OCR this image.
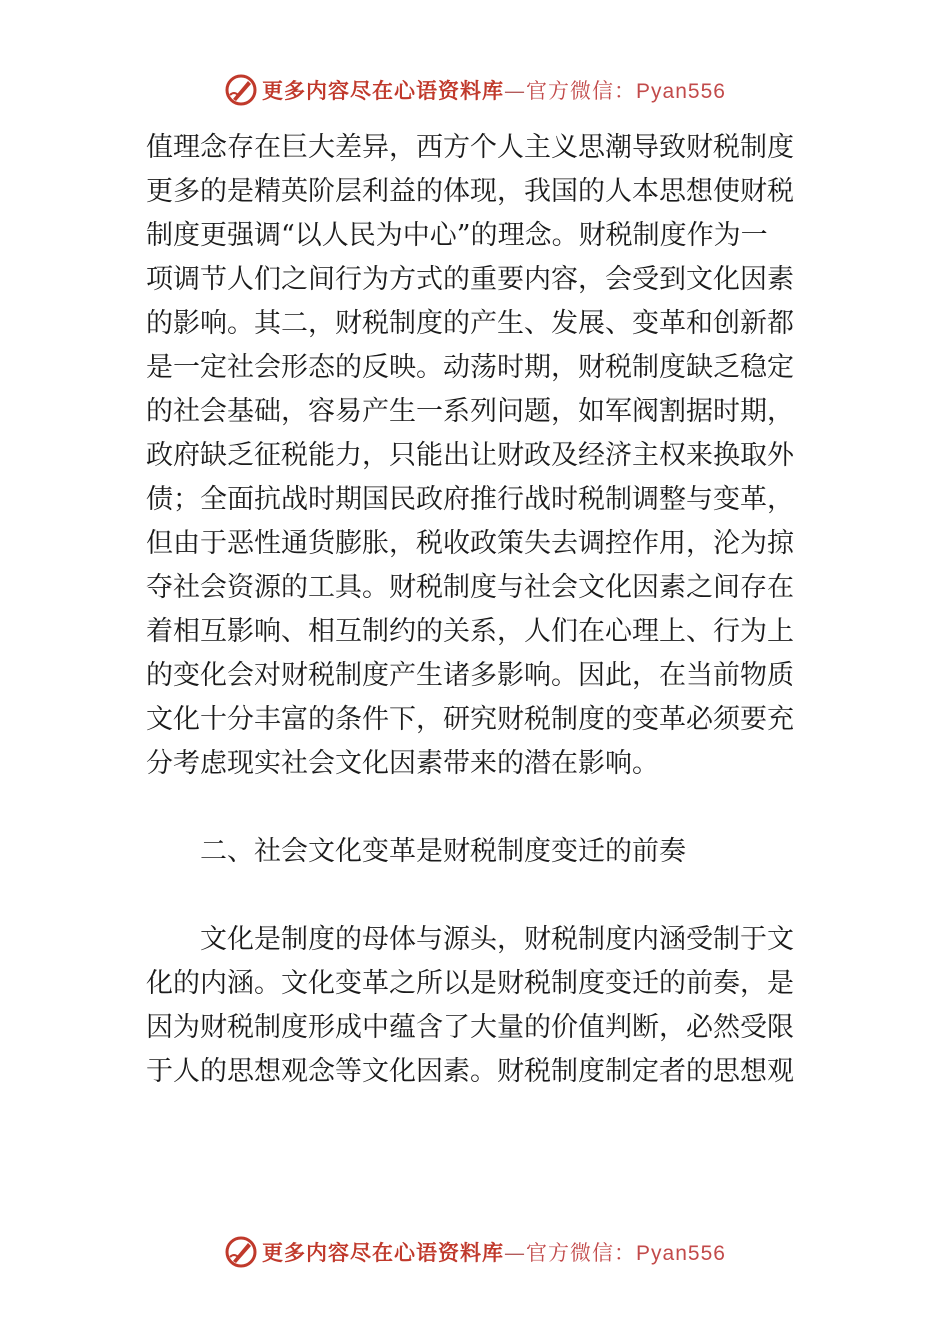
更多内容尽在心语资料库—官方微信：Pyan556
值理念存在巨大差异，西方个人主义思潮导致财税制度
更多的是精英阶层利益的体现，我国的人本思想使财税
制度更强调“以人民为中心”的理念。财税制度作为一
项调节人们之间行为方式的重要内容，会受到文化因素
的影响。其二，财税制度的产生、发展、变革和创新都
是一定社会形态的反映。动荡时期，财税制度缺乏稳定
的社会基础，容易产生一系列问题，如军阀割据时期，
政府缺乏征税能力，只能出让财政及经济主权来换取外
债；全面抗战时期国民政府推行战时税制调整与变革，
但由于恶性通货膨胀，税收政策失去调控作用，沦为掠
夺社会资源的工具。财税制度与社会文化因素之间存在
着相互影响、相互制约的关系，人们在心理上、行为上
的变化会对财税制度产生诸多影响。因此，在当前物质
文化十分丰富的条件下，研究财税制度的变革必须要充
分考虑现实社会文化因素带来的潜在影响。
二、社会文化变革是财税制度变迁的前奏
文化是制度的母体与源头，财税制度内涵受制于文
化的内涵。文化变革之所以是财税制度变迁的前奏，是
因为财税制度形成中蕴含了大量的价值判断，必然受限
于人的思想观念等文化因素。财税制度制定者的思想观
更多内容尽在心语资料库—官方微信：Pyan556
